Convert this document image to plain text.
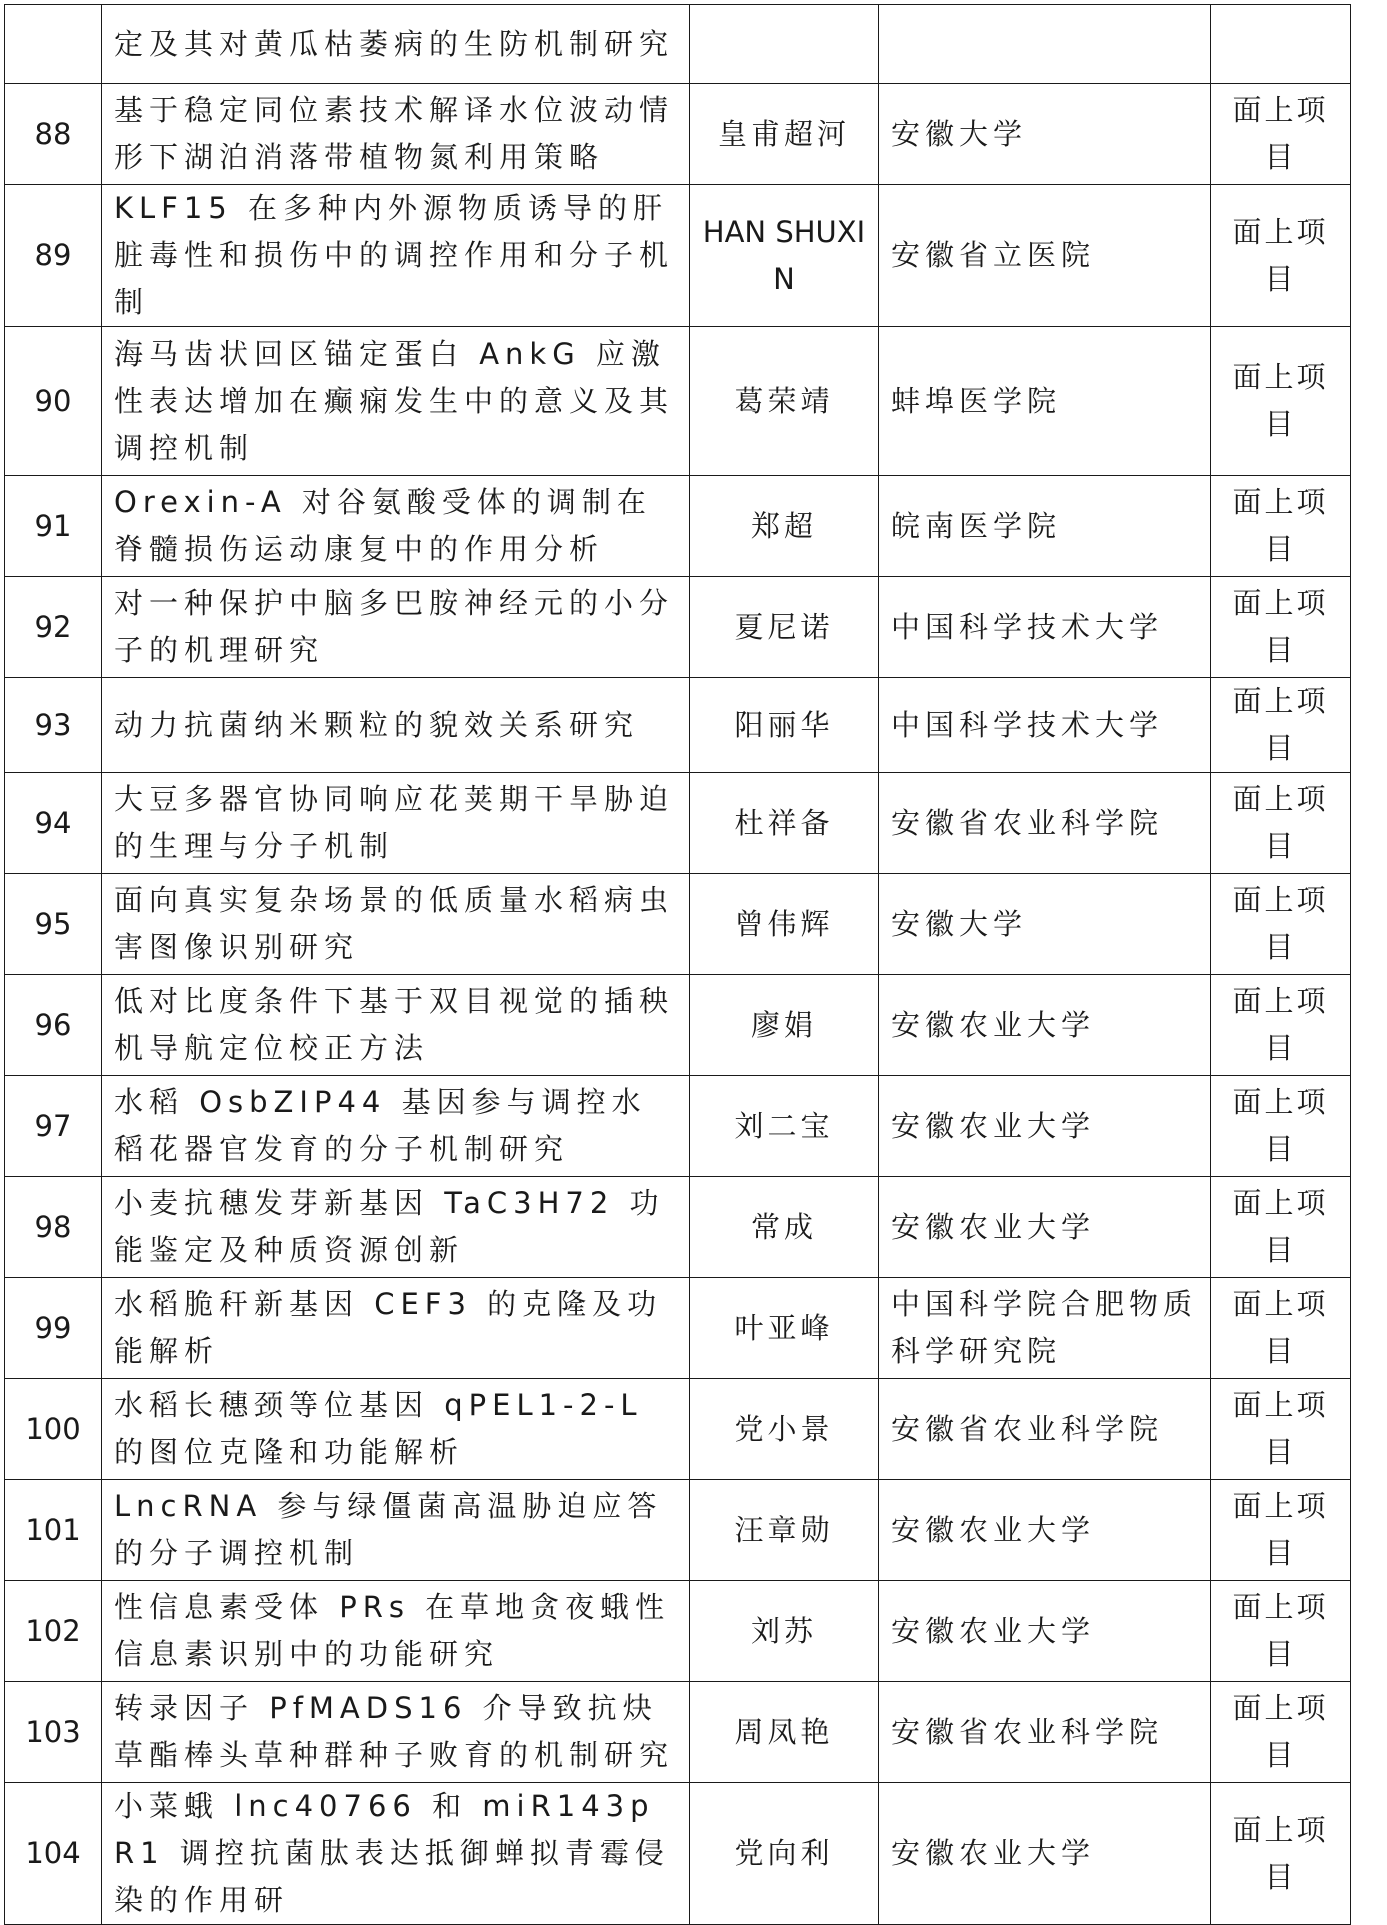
	定及其对黄瓜枯萎病的生防机制研究			
88	基于稳定同位素技术解译水位波动情形下湖泊消落带植物氮利用策略	皇甫超河	安徽大学	面上项目
89	KLF15 在多种内外源物质诱导的肝脏毒性和损伤中的调控作用和分子机制	HAN SHUXIN	安徽省立医院	面上项目
90	海马齿状回区锚定蛋白 AnkG 应激性表达增加在癫痫发生中的意义及其调控机制	葛荣靖	蚌埠医学院	面上项目
91	Orexin-A 对谷氨酸受体的调制在脊髓损伤运动康复中的作用分析	郑超	皖南医学院	面上项目
92	对一种保护中脑多巴胺神经元的小分子的机理研究	夏尼诺	中国科学技术大学	面上项目
93	动力抗菌纳米颗粒的貌效关系研究	阳丽华	中国科学技术大学	面上项目
94	大豆多器官协同响应花荚期干旱胁迫的生理与分子机制	杜祥备	安徽省农业科学院	面上项目
95	面向真实复杂场景的低质量水稻病虫害图像识别研究	曾伟辉	安徽大学	面上项目
96	低对比度条件下基于双目视觉的插秧机导航定位校正方法	廖娟	安徽农业大学	面上项目
97	水稻 OsbZIP44 基因参与调控水稻花器官发育的分子机制研究	刘二宝	安徽农业大学	面上项目
98	小麦抗穗发芽新基因 TaC3H72 功能鉴定及种质资源创新	常成	安徽农业大学	面上项目
99	水稻脆秆新基因 CEF3 的克隆及功能解析	叶亚峰	中国科学院合肥物质科学研究院	面上项目
100	水稻长穗颈等位基因 qPEL1-2-L 的图位克隆和功能解析	党小景	安徽省农业科学院	面上项目
101	LncRNA 参与绿僵菌高温胁迫应答的分子调控机制	汪章勋	安徽农业大学	面上项目
102	性信息素受体 PRs 在草地贪夜蛾性信息素识别中的功能研究	刘苏	安徽农业大学	面上项目
103	转录因子 PfMADS16 介导致抗炔草酯棒头草种群种子败育的机制研究	周凤艳	安徽省农业科学院	面上项目
104	小菜蛾 lnc40766 和 miR143pR1 调控抗菌肽表达抵御蝉拟青霉侵染的作用研	党向利	安徽农业大学	面上项目
